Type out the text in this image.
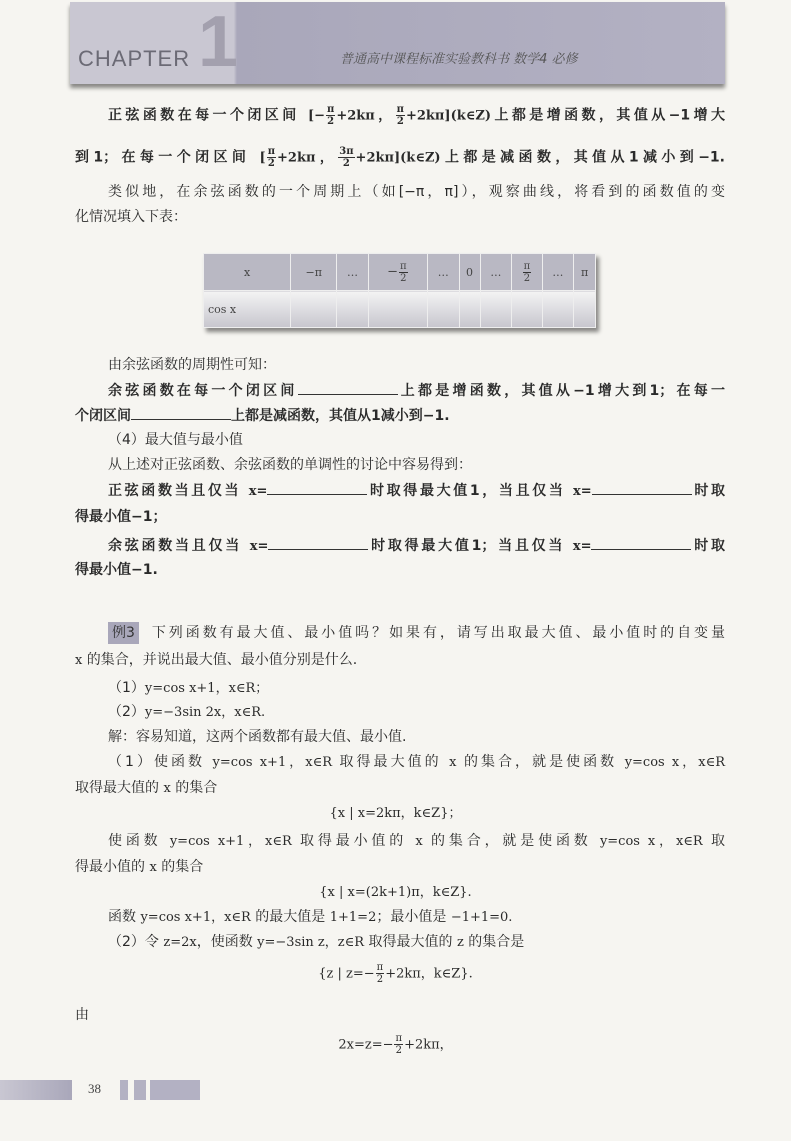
1
CHAPTER	普通高中课程标准实验教科书 数学4 必修
x	−π	…	− $\frac{\pi}{2}$	…	0	…	$\frac{\pi}{2}$	…	π
cos x									
正弦函数在每一个闭区间 [− $\frac{\pi}{2} +2k\pi$， $\frac{\pi}{2}$ +2kπ](k∈Z)上都是增函数，其值从−1增大
到1；在每一个闭区间 [ $\frac{\pi}{2} +2k\pi$， $\frac{3\pi}{2}$ +2kπ](k∈Z)上都是减函数，其值从1减小到−1.
类似地，在余弦函数的一个周期上（如[−π，π]），观察曲线，将看到的函数值的变
化情况填入下表：
由余弦函数的周期性可知：
余弦函数在每一个闭区间	上都是增函数，其值从−1增大到1；在每一
个闭区间	上都是减函数，其值从1减小到−1.
（4）最大值与最小值
从上述对正弦函数、余弦函数的单调性的讨论中容易得到：
正弦函数当且仅当 x=	时取得最大值1，当且仅当 x=	时取
得最小值−1；
余弦函数当且仅当 x=	时取得最大值1；当且仅当 x=	时取
得最小值−1.
例3 下列函数有最大值、最小值吗？如果有，请写出取最大值、最小值时的自变量
x 的集合，并说出最大值、最小值分别是什么.
（1）y=cos x+1，x∈R；
（2）y=−3sin 2x，x∈R.
解：容易知道，这两个函数都有最大值、最小值.
（1）使函数 y=cos x+1，x∈R 取得最大值的 x 的集合，就是使函数 y=cos x，x∈R
取得最大值的 x 的集合
{x | x=2kπ，k∈Z}；
使函数 y=cos x+1，x∈R 取得最小值的 x 的集合，就是使函数 y=cos x，x∈R 取
得最小值的 x 的集合
{x | x=(2k+1)π，k∈Z}.
函数 y=cos x+1，x∈R 的最大值是 1+1=2；最小值是 −1+1=0.
（2）令 z=2x，使函数 y=−3sin z，z∈R 取得最大值的 z 的集合是
{z | $z=- \frac{\pi}{2} +2k\pi$，k∈Z}.
由
$2x=z=- \frac{\pi}{2} +2k\pi$，
38
